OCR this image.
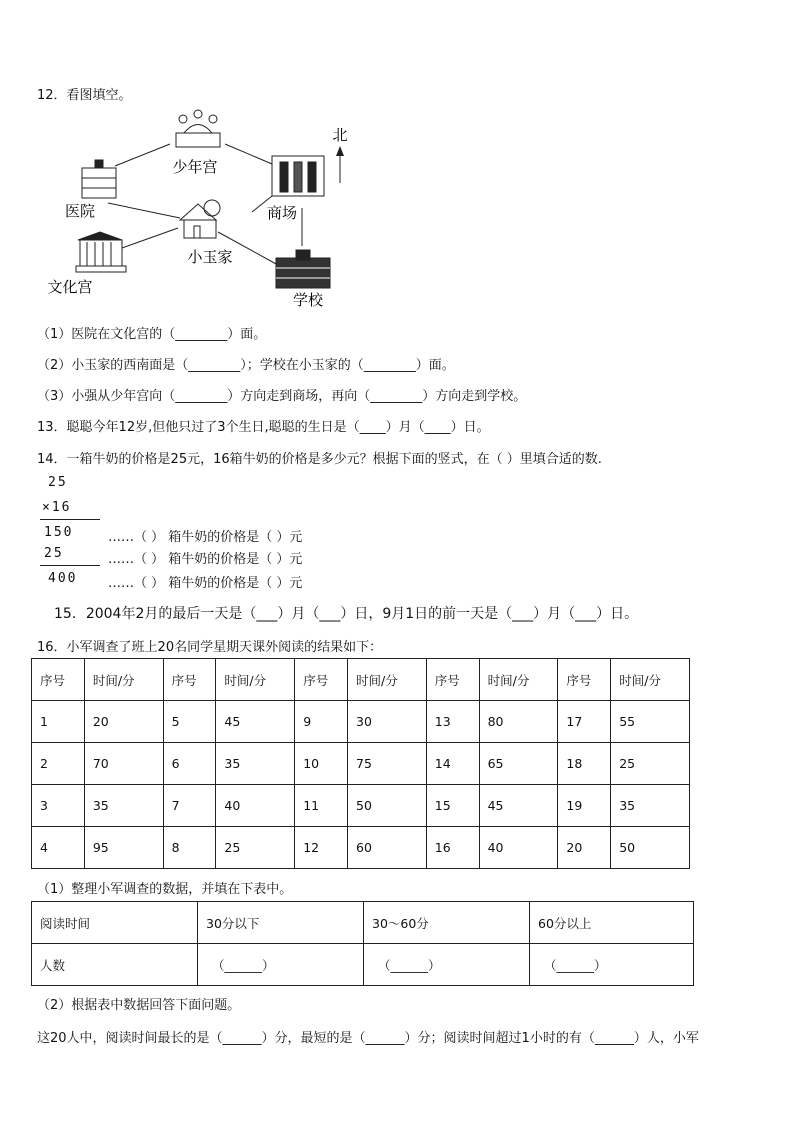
12．看图填空。
北
少年宫
医院	商场
小玉家
文化宫
学校
（1）医院在文化宫的（________）面。
（2）小玉家的西南面是（________）；学校在小玉家的（________）面。
（3）小强从少年宫向（________）方向走到商场，再向（________）方向走到学校。
13．聪聪今年12岁,但他只过了3个生日,聪聪的生日是（____）月（____）日。
14．一箱牛奶的价格是25元，16箱牛奶的价格是多少元？根据下面的竖式，在（ ）里填合适的数.
25
×16
150
25
400
……（ ） 箱牛奶的价格是（ ）元
……（ ） 箱牛奶的价格是（ ）元
……（ ） 箱牛奶的价格是（ ）元
15．2004年2月的最后一天是（___）月（___）日，9月1日的前一天是（___）月（___）日。
16．小军调查了班上20名同学星期天课外阅读的结果如下：
序号	时间/分	序号	时间/分	序号	时间/分	序号	时间/分	序号	时间/分
1	20	5	45	9	30	13	80	17	55
2	70	6	35	10	75	14	65	18	25
3	35	7	40	11	50	15	45	19	35
4	95	8	25	12	60	16	40	20	50
（1）整理小军调查的数据，并填在下表中。
阅读时间	30分以下	30～60分	60分以上
人数	（______）	（______）	（______）
（2）根据表中数据回答下面问题。
这20人中，阅读时间最长的是（______）分，最短的是（______）分；阅读时间超过1小时的有（______）人，小军
